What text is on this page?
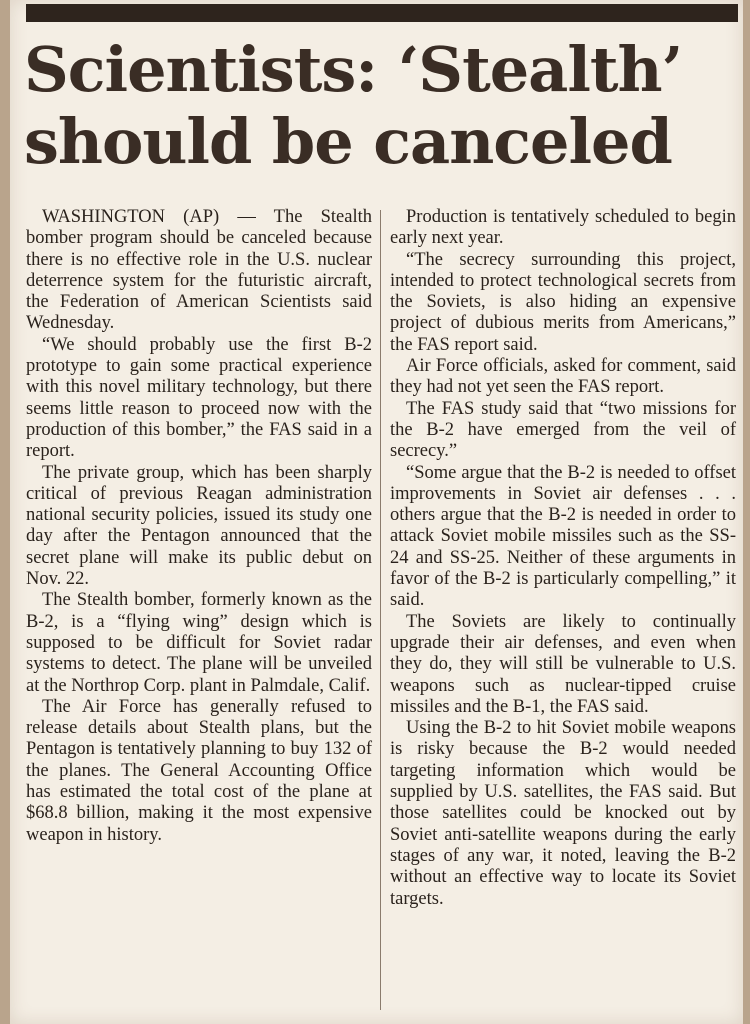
Scientists: ‘Stealth’
should be canceled

WASHINGTON (AP) — The Stealth bomber program should be canceled because there is no effective role in the U.S. nuclear deterrence system for the futuristic aircraft, the Federation of American Scientists said Wednesday.

“We should probably use the first B-2 prototype to gain some practical experience with this novel military technology, but there seems little reason to proceed now with the production of this bomber,” the FAS said in a report.

The private group, which has been sharply critical of previous Reagan administration national security policies, issued its study one day after the Pentagon announced that the secret plane will make its public debut on Nov. 22.

The Stealth bomber, formerly known as the B-2, is a “flying wing” design which is supposed to be difficult for Soviet radar systems to detect. The plane will be unveiled at the Northrop Corp. plant in Palmdale, Calif.

The Air Force has generally refused to release details about Stealth plans, but the Pentagon is tentatively planning to buy 132 of the planes. The General Accounting Office has estimated the total cost of the plane at $68.8 billion, making it the most expensive weapon in history.

Production is tentatively scheduled to begin early next year.

“The secrecy surrounding this project, intended to protect technological secrets from the Soviets, is also hiding an expensive project of dubious merits from Americans,” the FAS report said.

Air Force officials, asked for comment, said they had not yet seen the FAS report.

The FAS study said that “two missions for the B-2 have emerged from the veil of secrecy.”

“Some argue that the B-2 is needed to offset improvements in Soviet air defenses . . . others argue that the B-2 is needed in order to attack Soviet mobile missiles such as the SS-24 and SS-25. Neither of these arguments in favor of the B-2 is particularly compelling,” it said.

The Soviets are likely to continually upgrade their air defenses, and even when they do, they will still be vulnerable to U.S. weapons such as nuclear-tipped cruise missiles and the B-1, the FAS said.

Using the B-2 to hit Soviet mobile weapons is risky because the B-2 would needed targeting information which would be supplied by U.S. satellites, the FAS said. But those satellites could be knocked out by Soviet anti-satellite weapons during the early stages of any war, it noted, leaving the B-2 without an effective way to locate its Soviet targets.
